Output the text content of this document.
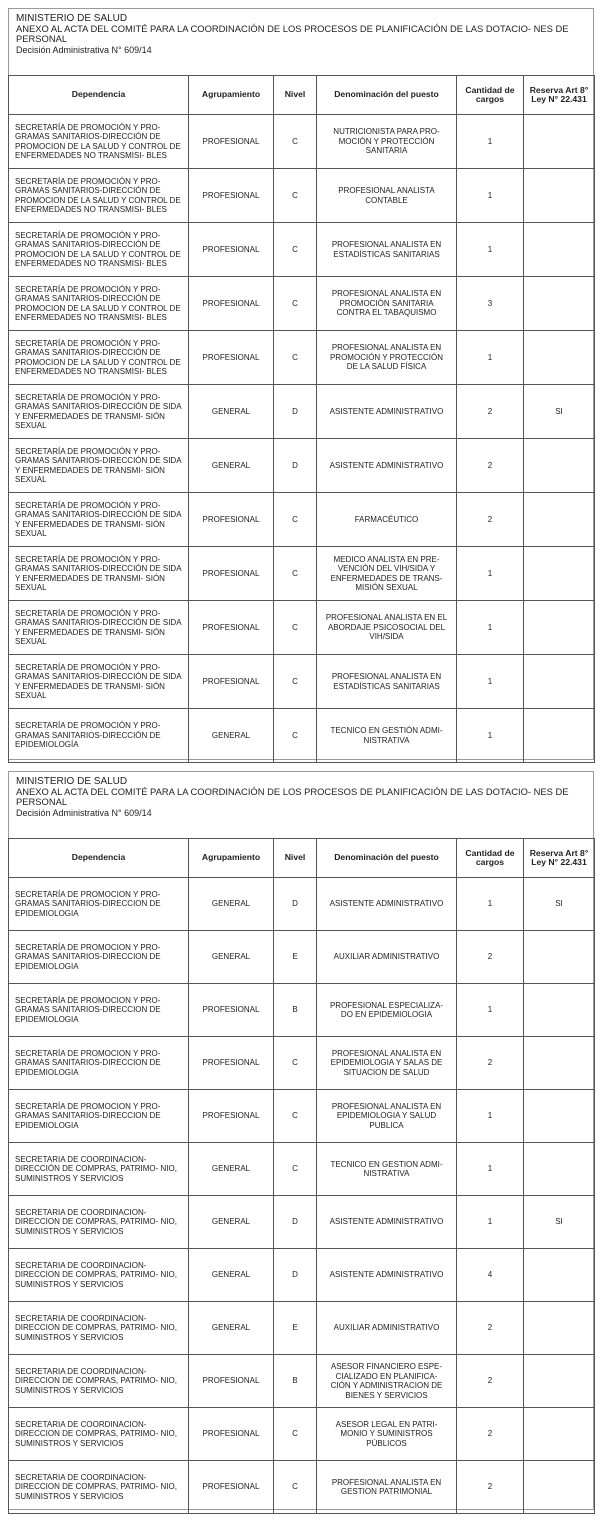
MINISTERIO DE SALUD
ANEXO AL ACTA DEL COMITÉ PARA LA COORDINACIÓN DE LOS PROCESOS DE PLANIFICACIÓN DE LAS DOTACIO- NES DE PERSONAL
Decisión Administrativa N° 609/14
Dependencia	Agrupamiento	Nivel	Denominación del puesto	Cantidad de cargos	Reserva Art 8° Ley N° 22.431
SECRETARÍA DE PROMOCIÓN Y PRO- GRAMAS SANITARIOS-DIRECCIÓN DE PROMOCION DE LA SALUD Y CONTROL DE ENFERMEDADES NO TRANSMISI- BLES	PROFESIONAL	C	NUTRICIONISTA PARA PRO- MOCIÓN Y PROTECCIÓN SANITARIA	1	
SECRETARÍA DE PROMOCIÓN Y PRO- GRAMAS SANITARIOS-DIRECCIÓN DE PROMOCION DE LA SALUD Y CONTROL DE ENFERMEDADES NO TRANSMISI- BLES	PROFESIONAL	C	PROFESIONAL ANALISTA CONTABLE	1	
SECRETARÍA DE PROMOCIÓN Y PRO- GRAMAS SANITARIOS-DIRECCIÓN DE PROMOCION DE LA SALUD Y CONTROL DE ENFERMEDADES NO TRANSMISI- BLES	PROFESIONAL	C	PROFESIONAL ANALISTA EN ESTADÍSTICAS SANITARIAS	1	
SECRETARÍA DE PROMOCIÓN Y PRO- GRAMAS SANITARIOS-DIRECCIÓN DE PROMOCION DE LA SALUD Y CONTROL DE ENFERMEDADES NO TRANSMISI- BLES	PROFESIONAL	C	PROFESIONAL ANALISTA EN PROMOCIÓN SANITARIA CONTRA EL TABAQUISMO	3	
SECRETARÍA DE PROMOCIÓN Y PRO- GRAMAS SANITARIOS-DIRECCIÓN DE PROMOCION DE LA SALUD Y CONTROL DE ENFERMEDADES NO TRANSMISI- BLES	PROFESIONAL	C	PROFESIONAL ANALISTA EN PROMOCIÓN Y PROTECCIÓN DE LA SALUD FÍSICA	1	
SECRETARÍA DE PROMOCIÓN Y PRO- GRAMAS SANITARIOS-DIRECCIÓN DE SIDA Y ENFERMEDADES DE TRANSMI- SIÓN SEXUAL	GENERAL	D	ASISTENTE ADMINISTRATIVO	2	SI
SECRETARÍA DE PROMOCIÓN Y PRO- GRAMAS SANITARIOS-DIRECCIÓN DE SIDA Y ENFERMEDADES DE TRANSMI- SIÓN SEXUAL	GENERAL	D	ASISTENTE ADMINISTRATIVO	2	
SECRETARÍA DE PROMOCIÓN Y PRO- GRAMAS SANITARIOS-DIRECCIÓN DE SIDA Y ENFERMEDADES DE TRANSMI- SIÓN SEXUAL	PROFESIONAL	C	FARMACÉUTICO	2	
SECRETARÍA DE PROMOCIÓN Y PRO- GRAMAS SANITARIOS-DIRECCIÓN DE SIDA Y ENFERMEDADES DE TRANSMI- SIÓN SEXUAL	PROFESIONAL	C	MEDICO ANALISTA EN PRE- VENCIÓN DEL VIH/SIDA Y ENFERMEDADES DE TRANS- MISIÓN SEXUAL	1	
SECRETARÍA DE PROMOCIÓN Y PRO- GRAMAS SANITARIOS-DIRECCIÓN DE SIDA Y ENFERMEDADES DE TRANSMI- SIÓN SEXUAL	PROFESIONAL	C	PROFESIONAL ANALISTA EN EL ABORDAJE PSICOSOCIAL DEL VIH/SIDA	1	
SECRETARÍA DE PROMOCIÓN Y PRO- GRAMAS SANITARIOS-DIRECCIÓN DE SIDA Y ENFERMEDADES DE TRANSMI- SIÓN SEXUAL	PROFESIONAL	C	PROFESIONAL ANALISTA EN ESTADÍSTICAS SANITARIAS	1	
SECRETARÍA DE PROMOCIÓN Y PRO- GRAMAS SANITARIOS-DIRECCIÓN DE EPIDEMIOLOGÍA	GENERAL	C	TECNICO EN GESTIÓN ADMI- NISTRATIVA	1	
MINISTERIO DE SALUD
ANEXO AL ACTA DEL COMITÉ PARA LA COORDINACIÓN DE LOS PROCESOS DE PLANIFICACIÓN DE LAS DOTACIO- NES DE PERSONAL
Decisión Administrativa N° 609/14
Dependencia	Agrupamiento	Nivel	Denominación del puesto	Cantidad de cargos	Reserva Art 8° Ley N° 22.431
SECRETARÍA DE PROMOCION Y PRO- GRAMAS SANITARIOS-DIRECCION DE EPIDEMIOLOGIA	GENERAL	D	ASISTENTE ADMINISTRATIVO	1	SI
SECRETARÍA DE PROMOCION Y PRO- GRAMAS SANITARIOS-DIRECCION DE EPIDEMIOLOGIA	GENERAL	E	AUXILIAR ADMINISTRATIVO	2	
SECRETARÍA DE PROMOCION Y PRO- GRAMAS SANITARIOS-DIRECCION DE EPIDEMIOLOGIA	PROFESIONAL	B	PROFESIONAL ESPECIALIZA- DO EN EPIDEMIOLOGIA	1	
SECRETARÍA DE PROMOCION Y PRO- GRAMAS SANITARIOS-DIRECCION DE EPIDEMIOLOGIA	PROFESIONAL	C	PROFESIONAL ANALISTA EN EPIDEMIOLOGIA Y SALAS DE SITUACION DE SALUD	2	
SECRETARÍA DE PROMOCION Y PRO- GRAMAS SANITARIOS-DIRECCION DE EPIDEMIOLOGIA	PROFESIONAL	C	PROFESIONAL ANALISTA EN EPIDEMIOLOGIA Y SALUD PUBLICA	1	
SECRETARIA DE COORDINACION- DIRECCIÓN DE COMPRAS, PATRIMO- NIO, SUMINISTROS Y SERVICIOS	GENERAL	C	TECNICO EN GESTION ADMI- NISTRATIVA	1	
SECRETARIA DE COORDINACION- DIRECCION DE COMPRAS, PATRIMO- NIO, SUMINISTROS Y SERVICIOS	GENERAL	D	ASISTENTE ADMINISTRATIVO	1	SI
SECRETARIA DE COORDINACION- DIRECCION DE COMPRAS, PATRIMO- NIO, SUMINISTROS Y SERVICIOS	GENERAL	D	ASISTENTE ADMINISTRATIVO	4	
SECRETARIA DE COORDINACION- DIRECCION DE COMPRAS, PATRIMO- NIO, SUMINISTROS Y SERVICIOS	GENERAL	E	AUXILIAR ADMINISTRATIVO	2	
SECRETARIA DE COORDINACION- DIRECCION DE COMPRAS, PATRIMO- NIO, SUMINISTROS Y SERVICIOS	PROFESIONAL	B	ASESOR FINANCIERO ESPE- CIALIZADO EN PLANIFICA- CIÓN Y ADMINISTRACION DE BIENES Y SERVICIOS	2	
SECRETARIA DE COORDINACION- DIRECCION DE COMPRAS, PATRIMO- NIO, SUMINISTROS Y SERVICIOS	PROFESIONAL	C	ASESOR LEGAL EN PATRI- MONIO Y SUMINISTROS PÚBLICOS	2	
SECRETARIA DE COORDINACION- DIRECCION DE COMPRAS, PATRIMO- NIO, SUMINISTROS Y SERVICIOS	PROFESIONAL	C	PROFESIONAL ANALISTA EN GESTION PATRIMONIAL	2	
